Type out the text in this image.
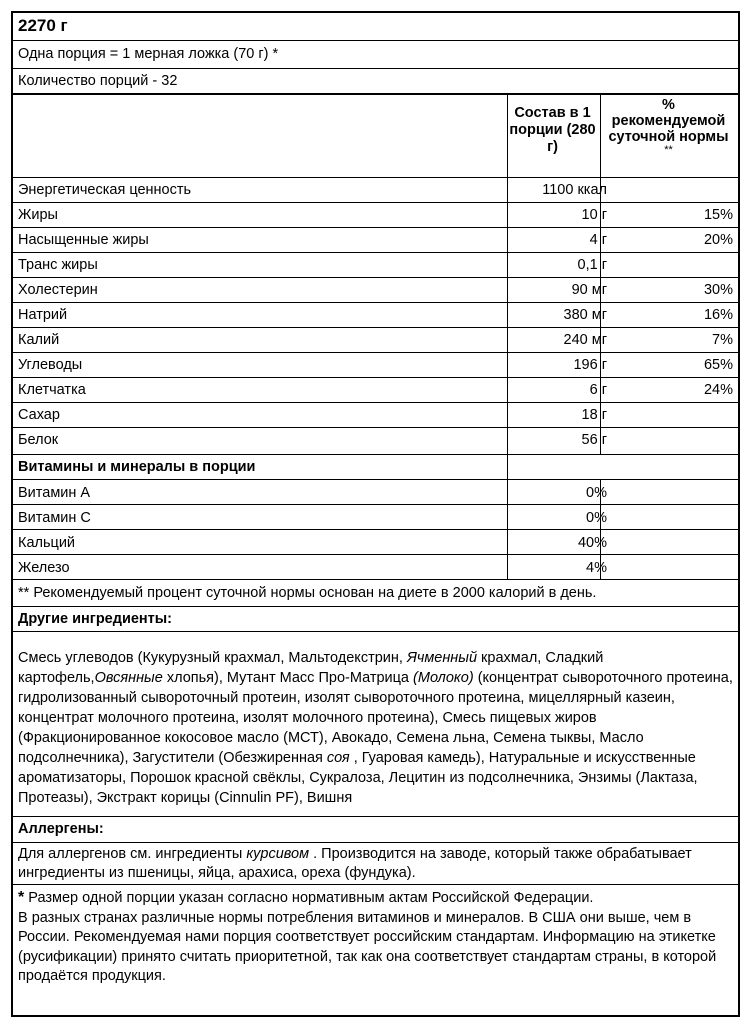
2270 г
Одна порция = 1 мерная ложка (70 г) *
Количество порций - 32
Состав в 1 порции (280 г)
%
рекомендуемой
суточной нормы
**
Энергетическая ценность	1100 ккал
Жиры	10 г	15%
Насыщенные жиры	4 г	20%
Транс жиры	0,1 г
Холестерин	90 мг	30%
Натрий	380 мг	16%
Калий	240 мг	7%
Углеводы	196 г	65%
Клетчатка	6 г	24%
Сахар	18 г
Белок	56 г
Витамины и минералы в порции
Витамин А	0%
Витамин С	0%
Кальций	40%
Железо	4%
** Рекомендуемый процент суточной нормы основан на диете в 2000 калорий в день.
Другие ингредиенты:
Смесь углеводов (Кукурузный крахмал, Мальтодекстрин, Ячменный крахмал, Сладкий картофель,Овсянные хлопья), Мутант Масс Про-Матрица (Молоко) (концентрат сывороточного протеина, гидролизованный сывороточный протеин, изолят сывороточного протеина, мицеллярный казеин, концентрат молочного протеина, изолят молочного протеина), Смесь пищевых жиров (Фракционированное кокосовое масло (МСТ), Авокадо, Семена льна, Семена тыквы, Масло подсолнечника), Загустители (Обезжиренная соя , Гуаровая камедь), Натуральные и искусственные ароматизаторы, Порошок красной свёклы, Сукралоза, Лецитин из подсолнечника, Энзимы (Лактаза, Протеазы), Экстракт корицы (Cinnulin PF), Вишня
Аллергены:
Для аллергенов см. ингредиенты курсивом . Производится на заводе, который также обрабатывает ингредиенты из пшеницы, яйца, арахиса, ореха (фундука).
* Размер одной порции указан согласно нормативным актам Российской Федерации.
В разных странах различные нормы потребления витаминов и минералов. В США они выше, чем в России. Рекомендуемая нами порция соответствует российским стандартам. Информацию на этикетке (русификации) принято считать приоритетной, так как она соответствует стандартам страны, в которой продаётся продукция.
